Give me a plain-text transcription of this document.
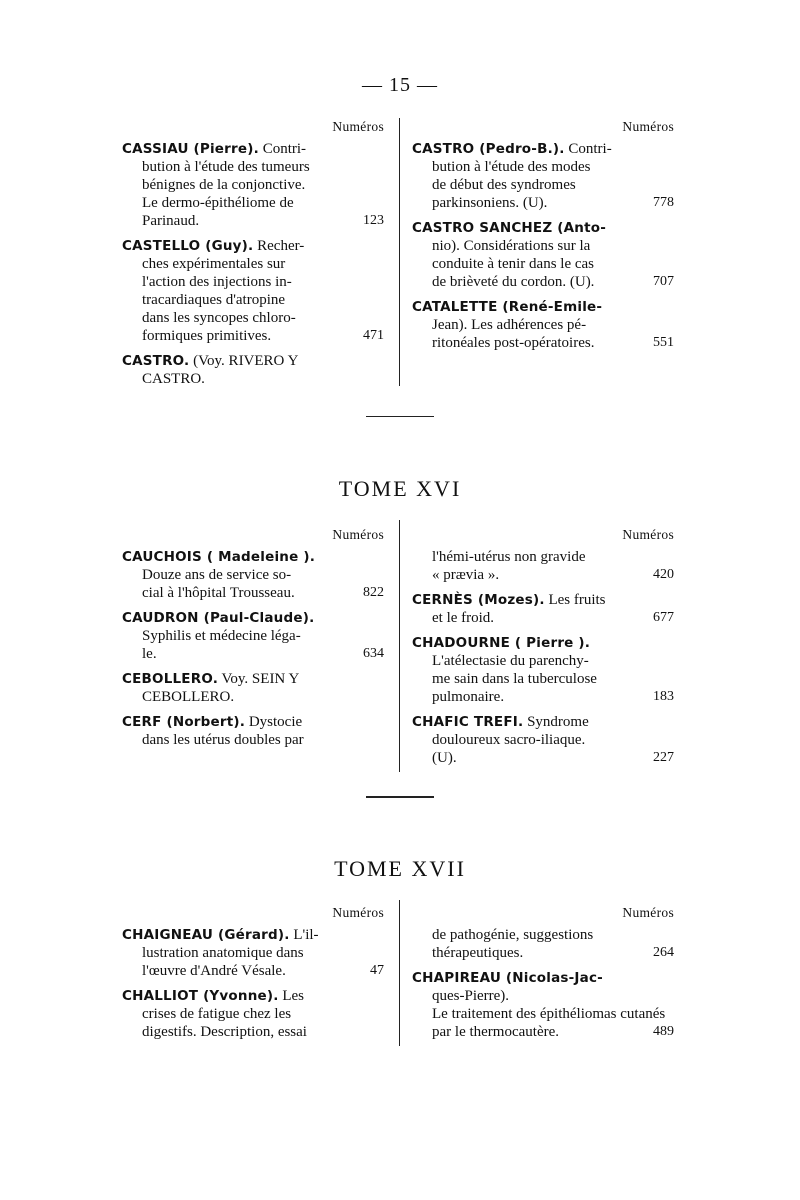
— 15 —
TOME XVI
TOME XVII
Numéros
CASSIAU (Pierre). Contri-
bution à l'étude des tumeurs
bénignes de la conjonctive.
Le dermo-épithéliome de
Parinaud.	123
CASTELLO (Guy). Recher-
ches expérimentales sur
l'action des injections in-
tracardiaques d'atropine
dans les syncopes chloro-
formiques primitives.	471
CASTRO. (Voy. RIVERO Y
CASTRO.
Numéros
CASTRO (Pedro-B.). Contri-
bution à l'étude des modes
de début des syndromes
parkinsoniens. (U).	778
CASTRO SANCHEZ (Anto-
nio). Considérations sur la
conduite à tenir dans le cas
de brièveté du cordon. (U).	707
CATALETTE (René-Emile-
Jean). Les adhérences pé-
ritonéales post-opératoires.	551
Numéros
CAUCHOIS ( Madeleine ).
Douze ans de service so-
cial à l'hôpital Trousseau.	822
CAUDRON (Paul-Claude).
Syphilis et médecine léga-
le.	634
CEBOLLERO. Voy. SEIN Y
CEBOLLERO.
CERF (Norbert). Dystocie
dans les utérus doubles par
Numéros
l'hémi-utérus non gravide
« prævia ».	420
CERNÈS (Mozes). Les fruits
et le froid.	677
CHADOURNE ( Pierre ).
L'atélectasie du parenchy-
me sain dans la tuberculose
pulmonaire.	183
CHAFIC TREFI. Syndrome
douloureux sacro-iliaque.
(U).	227
Numéros
CHAIGNEAU (Gérard). L'il-
lustration anatomique dans
l'œuvre d'André Vésale.	47
CHALLIOT (Yvonne). Les
crises de fatigue chez les
digestifs. Description, essai
Numéros
de pathogénie, suggestions
thérapeutiques.	264
CHAPIREAU (Nicolas-Jac-
ques-Pierre).
Le traitement des épithéliomas cutanés
par le thermocautère.	489
